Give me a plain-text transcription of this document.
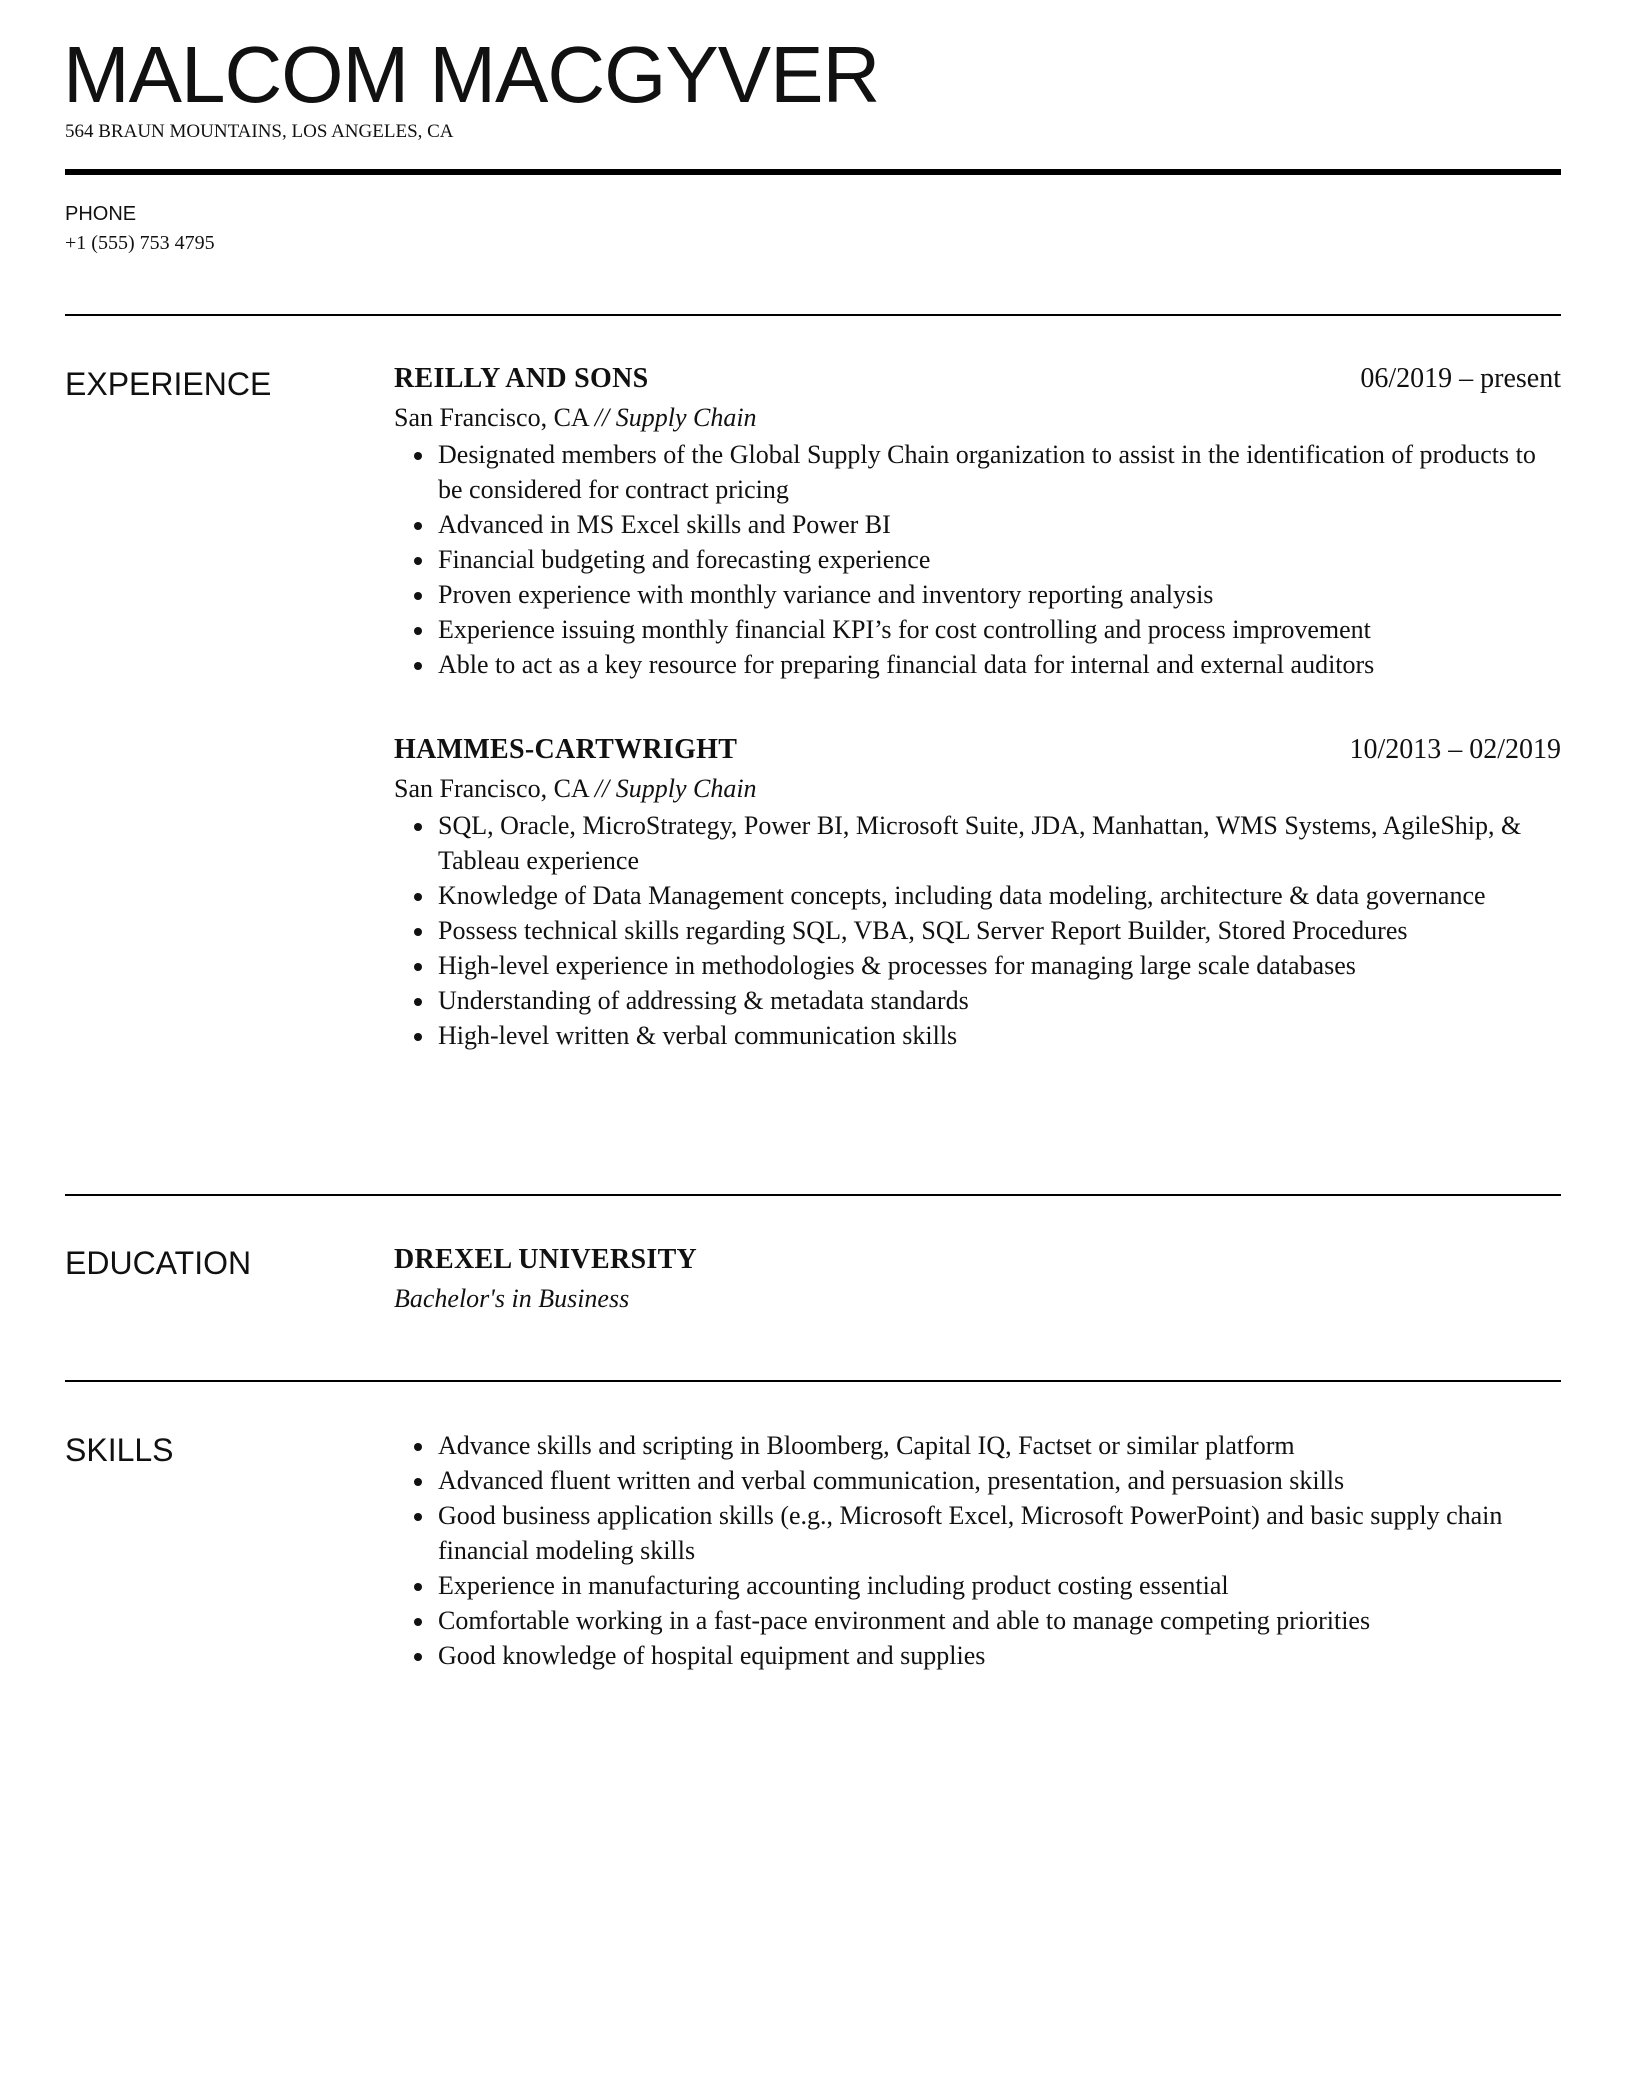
MALCOM MACGYVER
564 BRAUN MOUNTAINS, LOS ANGELES, CA
PHONE
+1 (555) 753 4795
EXPERIENCE	REILLY AND SONS	06/2019 – present
San Francisco, CA // Supply Chain
• Designated members of the Global Supply Chain organization to assist in the identification of products to be considered for contract pricing
• Advanced in MS Excel skills and Power BI
• Financial budgeting and forecasting experience
• Proven experience with monthly variance and inventory reporting analysis
• Experience issuing monthly financial KPI’s for cost controlling and process improvement
• Able to act as a key resource for preparing financial data for internal and external auditors
HAMMES-CARTWRIGHT	10/2013 – 02/2019
San Francisco, CA // Supply Chain
• SQL, Oracle, MicroStrategy, Power BI, Microsoft Suite, JDA, Manhattan, WMS Systems, AgileShip, & Tableau experience
• Knowledge of Data Management concepts, including data modeling, architecture & data governance
• Possess technical skills regarding SQL, VBA, SQL Server Report Builder, Stored Procedures
• High-level experience in methodologies & processes for managing large scale databases
• Understanding of addressing & metadata standards
• High-level written & verbal communication skills
EDUCATION	DREXEL UNIVERSITY
Bachelor's in Business
SKILLS	• Advance skills and scripting in Bloomberg, Capital IQ, Factset or similar platform
• Advanced fluent written and verbal communication, presentation, and persuasion skills
• Good business application skills (e.g., Microsoft Excel, Microsoft PowerPoint) and basic supply chain financial modeling skills
• Experience in manufacturing accounting including product costing essential
• Comfortable working in a fast-pace environment and able to manage competing priorities
• Good knowledge of hospital equipment and supplies
